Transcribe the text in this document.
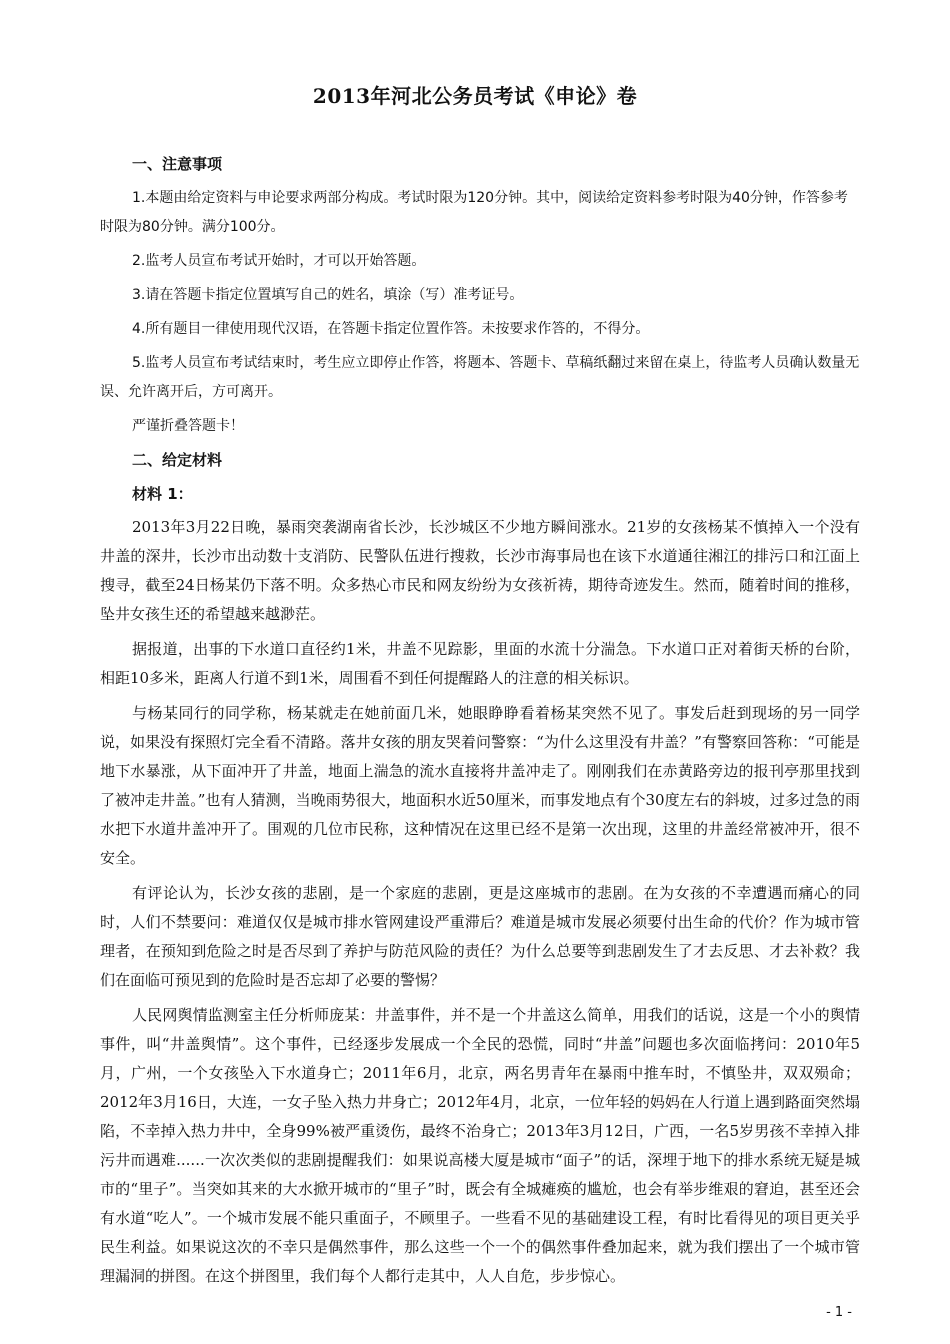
2013年河北公务员考试《申论》卷

一、注意事项

1.本题由给定资料与申论要求两部分构成。考试时限为120分钟。其中，阅读给定资料参考时限为40分钟，作答参考时限为80分钟。满分100分。

2.监考人员宣布考试开始时，才可以开始答题。

3.请在答题卡指定位置填写自己的姓名，填涂（写）准考证号。

4.所有题目一律使用现代汉语，在答题卡指定位置作答。未按要求作答的，不得分。

5.监考人员宣布考试结束时，考生应立即停止作答，将题本、答题卡、草稿纸翻过来留在桌上，待监考人员确认数量无误、允许离开后，方可离开。

严谨折叠答题卡！

二、给定材料

材料 1：

2013年3月22日晚，暴雨突袭湖南省长沙，长沙城区不少地方瞬间涨水。21岁的女孩杨某不慎掉入一个没有井盖的深井，长沙市出动数十支消防、民警队伍进行搜救，长沙市海事局也在该下水道通往湘江的排污口和江面上搜寻，截至24日杨某仍下落不明。众多热心市民和网友纷纷为女孩祈祷，期待奇迹发生。然而，随着时间的推移，坠井女孩生还的希望越来越渺茫。

据报道，出事的下水道口直径约1米，井盖不见踪影，里面的水流十分湍急。下水道口正对着街天桥的台阶，相距10多米，距离人行道不到1米，周围看不到任何提醒路人的注意的相关标识。

与杨某同行的同学称，杨某就走在她前面几米，她眼睁睁看着杨某突然不见了。事发后赶到现场的另一同学说，如果没有探照灯完全看不清路。落井女孩的朋友哭着问警察：“为什么这里没有井盖？”有警察回答称：“可能是地下水暴涨，从下面冲开了井盖，地面上湍急的流水直接将井盖冲走了。刚刚我们在赤黄路旁边的报刊亭那里找到了被冲走井盖。”也有人猜测，当晚雨势很大，地面积水近50厘米，而事发地点有个30度左右的斜坡，过多过急的雨水把下水道井盖冲开了。围观的几位市民称，这种情况在这里已经不是第一次出现，这里的井盖经常被冲开，很不安全。

有评论认为，长沙女孩的悲剧，是一个家庭的悲剧，更是这座城市的悲剧。在为女孩的不幸遭遇而痛心的同时，人们不禁要问：难道仅仅是城市排水管网建设严重滞后？难道是城市发展必须要付出生命的代价？作为城市管理者，在预知到危险之时是否尽到了养护与防范风险的责任？为什么总要等到悲剧发生了才去反思、才去补救？我们在面临可预见到的危险时是否忘却了必要的警惕？

人民网舆情监测室主任分析师庞某：井盖事件，并不是一个井盖这么简单，用我们的话说，这是一个小的舆情事件，叫“井盖舆情”。这个事件，已经逐步发展成一个全民的恐慌，同时“井盖”问题也多次面临拷问：2010年5月，广州，一个女孩坠入下水道身亡；2011年6月，北京，两名男青年在暴雨中推车时，不慎坠井，双双殒命；2012年3月16日，大连，一女子坠入热力井身亡；2012年4月，北京，一位年轻的妈妈在人行道上遇到路面突然塌陷，不幸掉入热力井中，全身99%被严重烫伤，最终不治身亡；2013年3月12日，广西，一名5岁男孩不幸掉入排污井而遇难......一次次类似的悲剧提醒我们：如果说高楼大厦是城市“面子”的话，深埋于地下的排水系统无疑是城市的“里子”。当突如其来的大水掀开城市的“里子”时，既会有全城瘫痪的尴尬，也会有举步维艰的窘迫，甚至还会有水道“吃人”。一个城市发展不能只重面子，不顾里子。一些看不见的基础建设工程，有时比看得见的项目更关乎民生利益。如果说这次的不幸只是偶然事件，那么这些一个一个的偶然事件叠加起来，就为我们摆出了一个城市管理漏洞的拼图。在这个拼图里，我们每个人都行走其中，人人自危，步步惊心。

- 1 -
